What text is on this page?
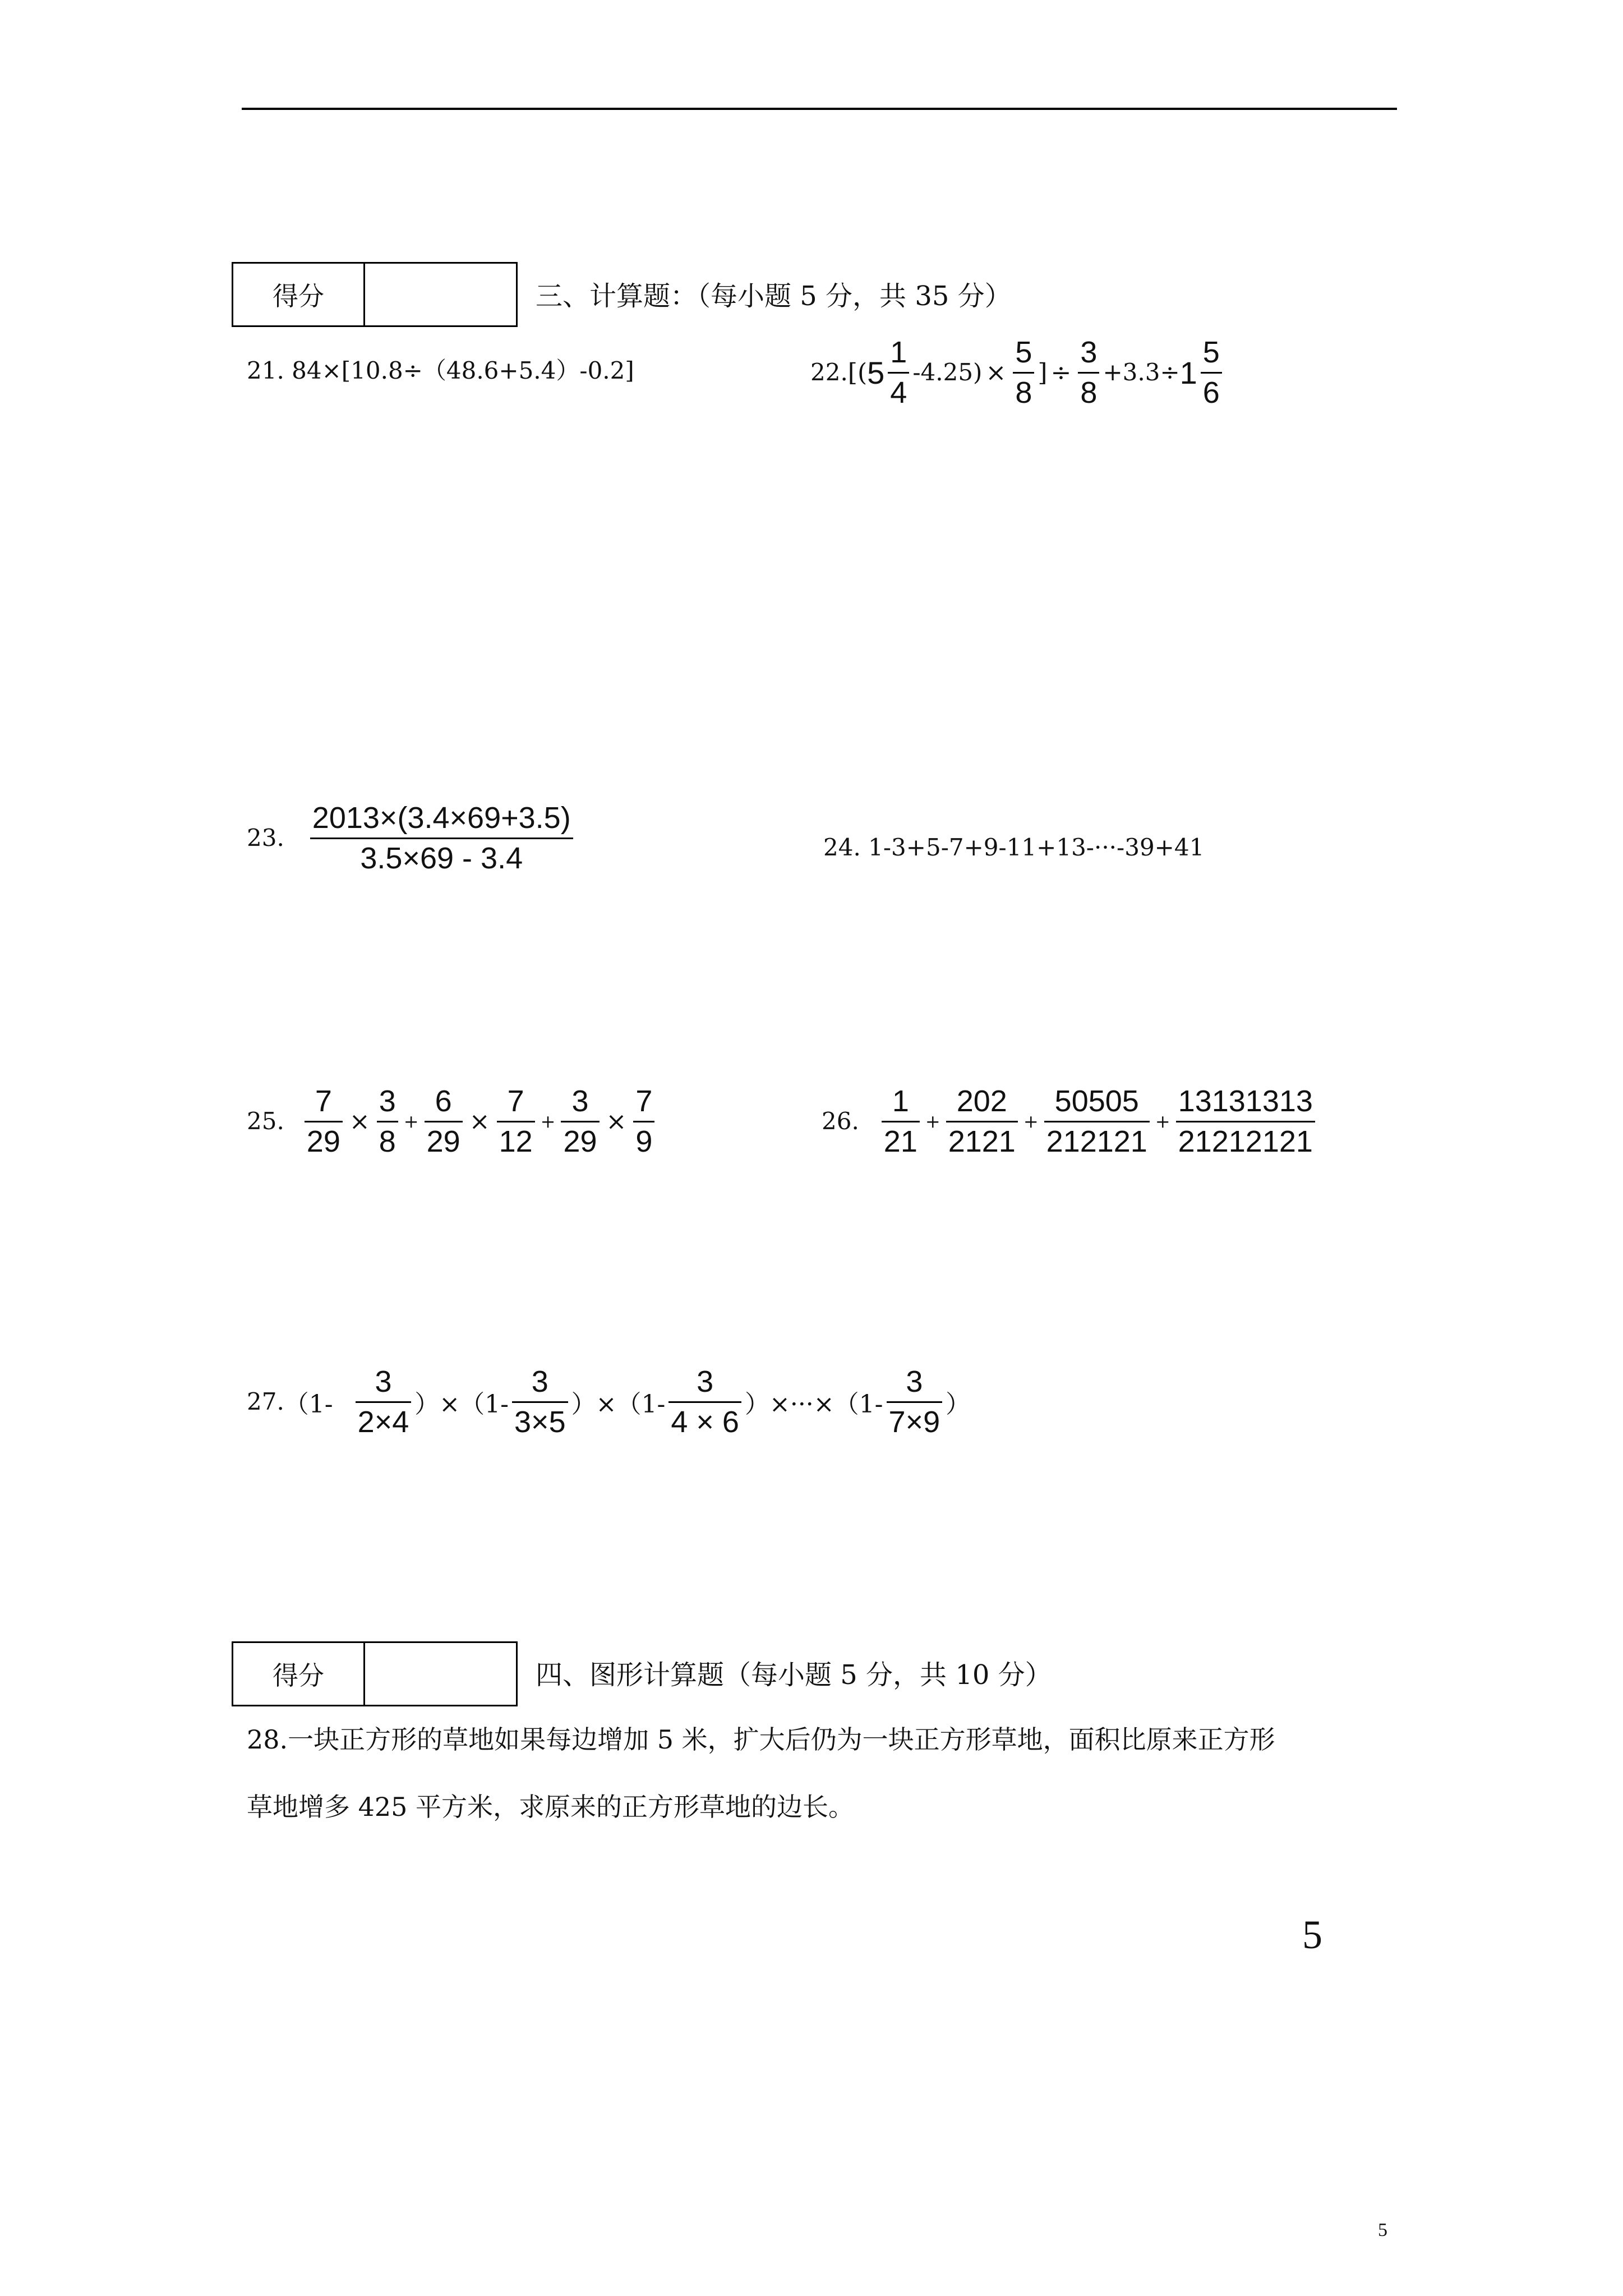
得分	三、计算题：（每小题 5 分，共 35 分）
21. 84×[10.8÷（48.6+5.4）-0.2]	22. [( $5 \frac{1}{4} -4.25) \times \frac{5}{8}$ ] ÷ $\frac{3}{8} +3.3\div 1 \frac{5}{6}$
23. $\frac{2013\times(3.4\times 69+3.5)}{3.5\times 69 - 3.4}$	24. 1-3+5-7+9-11+13-···-39+41
25. $\frac{7}{29} \times \frac{3}{8} + \frac{6}{29} \times \frac{7}{12} + \frac{3}{29} \times \frac{7}{9}$	26. $\frac{1}{21} + \frac{202}{2121} + \frac{50505}{212121} + \frac{13131313}{21212121}$
27. $(1- \frac{3}{2\times 4} )\times(1- \frac{3}{3\times 5} )\times(1- \frac{3}{4 \times 6} )\times\cdot\cdot\cdot\times(1- \frac{3}{7\times 9}$ ）
得分	四、图形计算题（每小题 5 分，共 10 分）
28.一块正方形的草地如果每边增加 5 米，扩大后仍为一块正方形草地，面积比原来正方形
草地增多 425 平方米，求原来的正方形草地的边长。
5
5
